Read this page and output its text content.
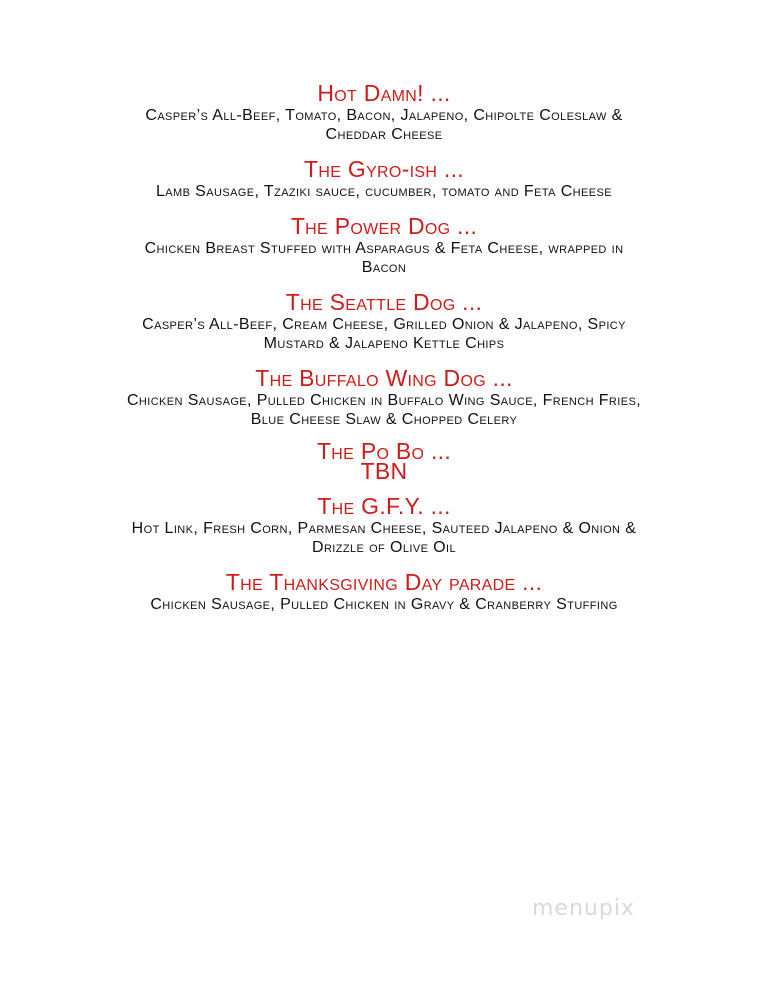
Hot Damn! ...
Casper’s All-Beef, Tomato, Bacon, Jalapeno, Chipolte Coleslaw & Cheddar Cheese
The Gyro-ish ...
Lamb Sausage, Tzaziki sauce, cucumber, tomato and Feta Cheese
The Power Dog ...
Chicken Breast Stuffed with Asparagus & Feta Cheese, wrapped in Bacon
The Seattle Dog ...
Casper’s All-Beef, Cream Cheese, Grilled Onion & Jalapeno, Spicy Mustard & Jalapeno Kettle Chips
The Buffalo Wing Dog ...
Chicken Sausage, Pulled Chicken in Buffalo Wing Sauce, French Fries, Blue Cheese Slaw & Chopped Celery
The Po Bo ...
TBN
The G.F.Y. ...
Hot Link, Fresh Corn, Parmesan Cheese, Sauteed Jalapeno & Onion & Drizzle of Olive Oil
The Thanksgiving Day parade ...
Chicken Sausage, Pulled Chicken in Gravy & Cranberry Stuffing
menupix
